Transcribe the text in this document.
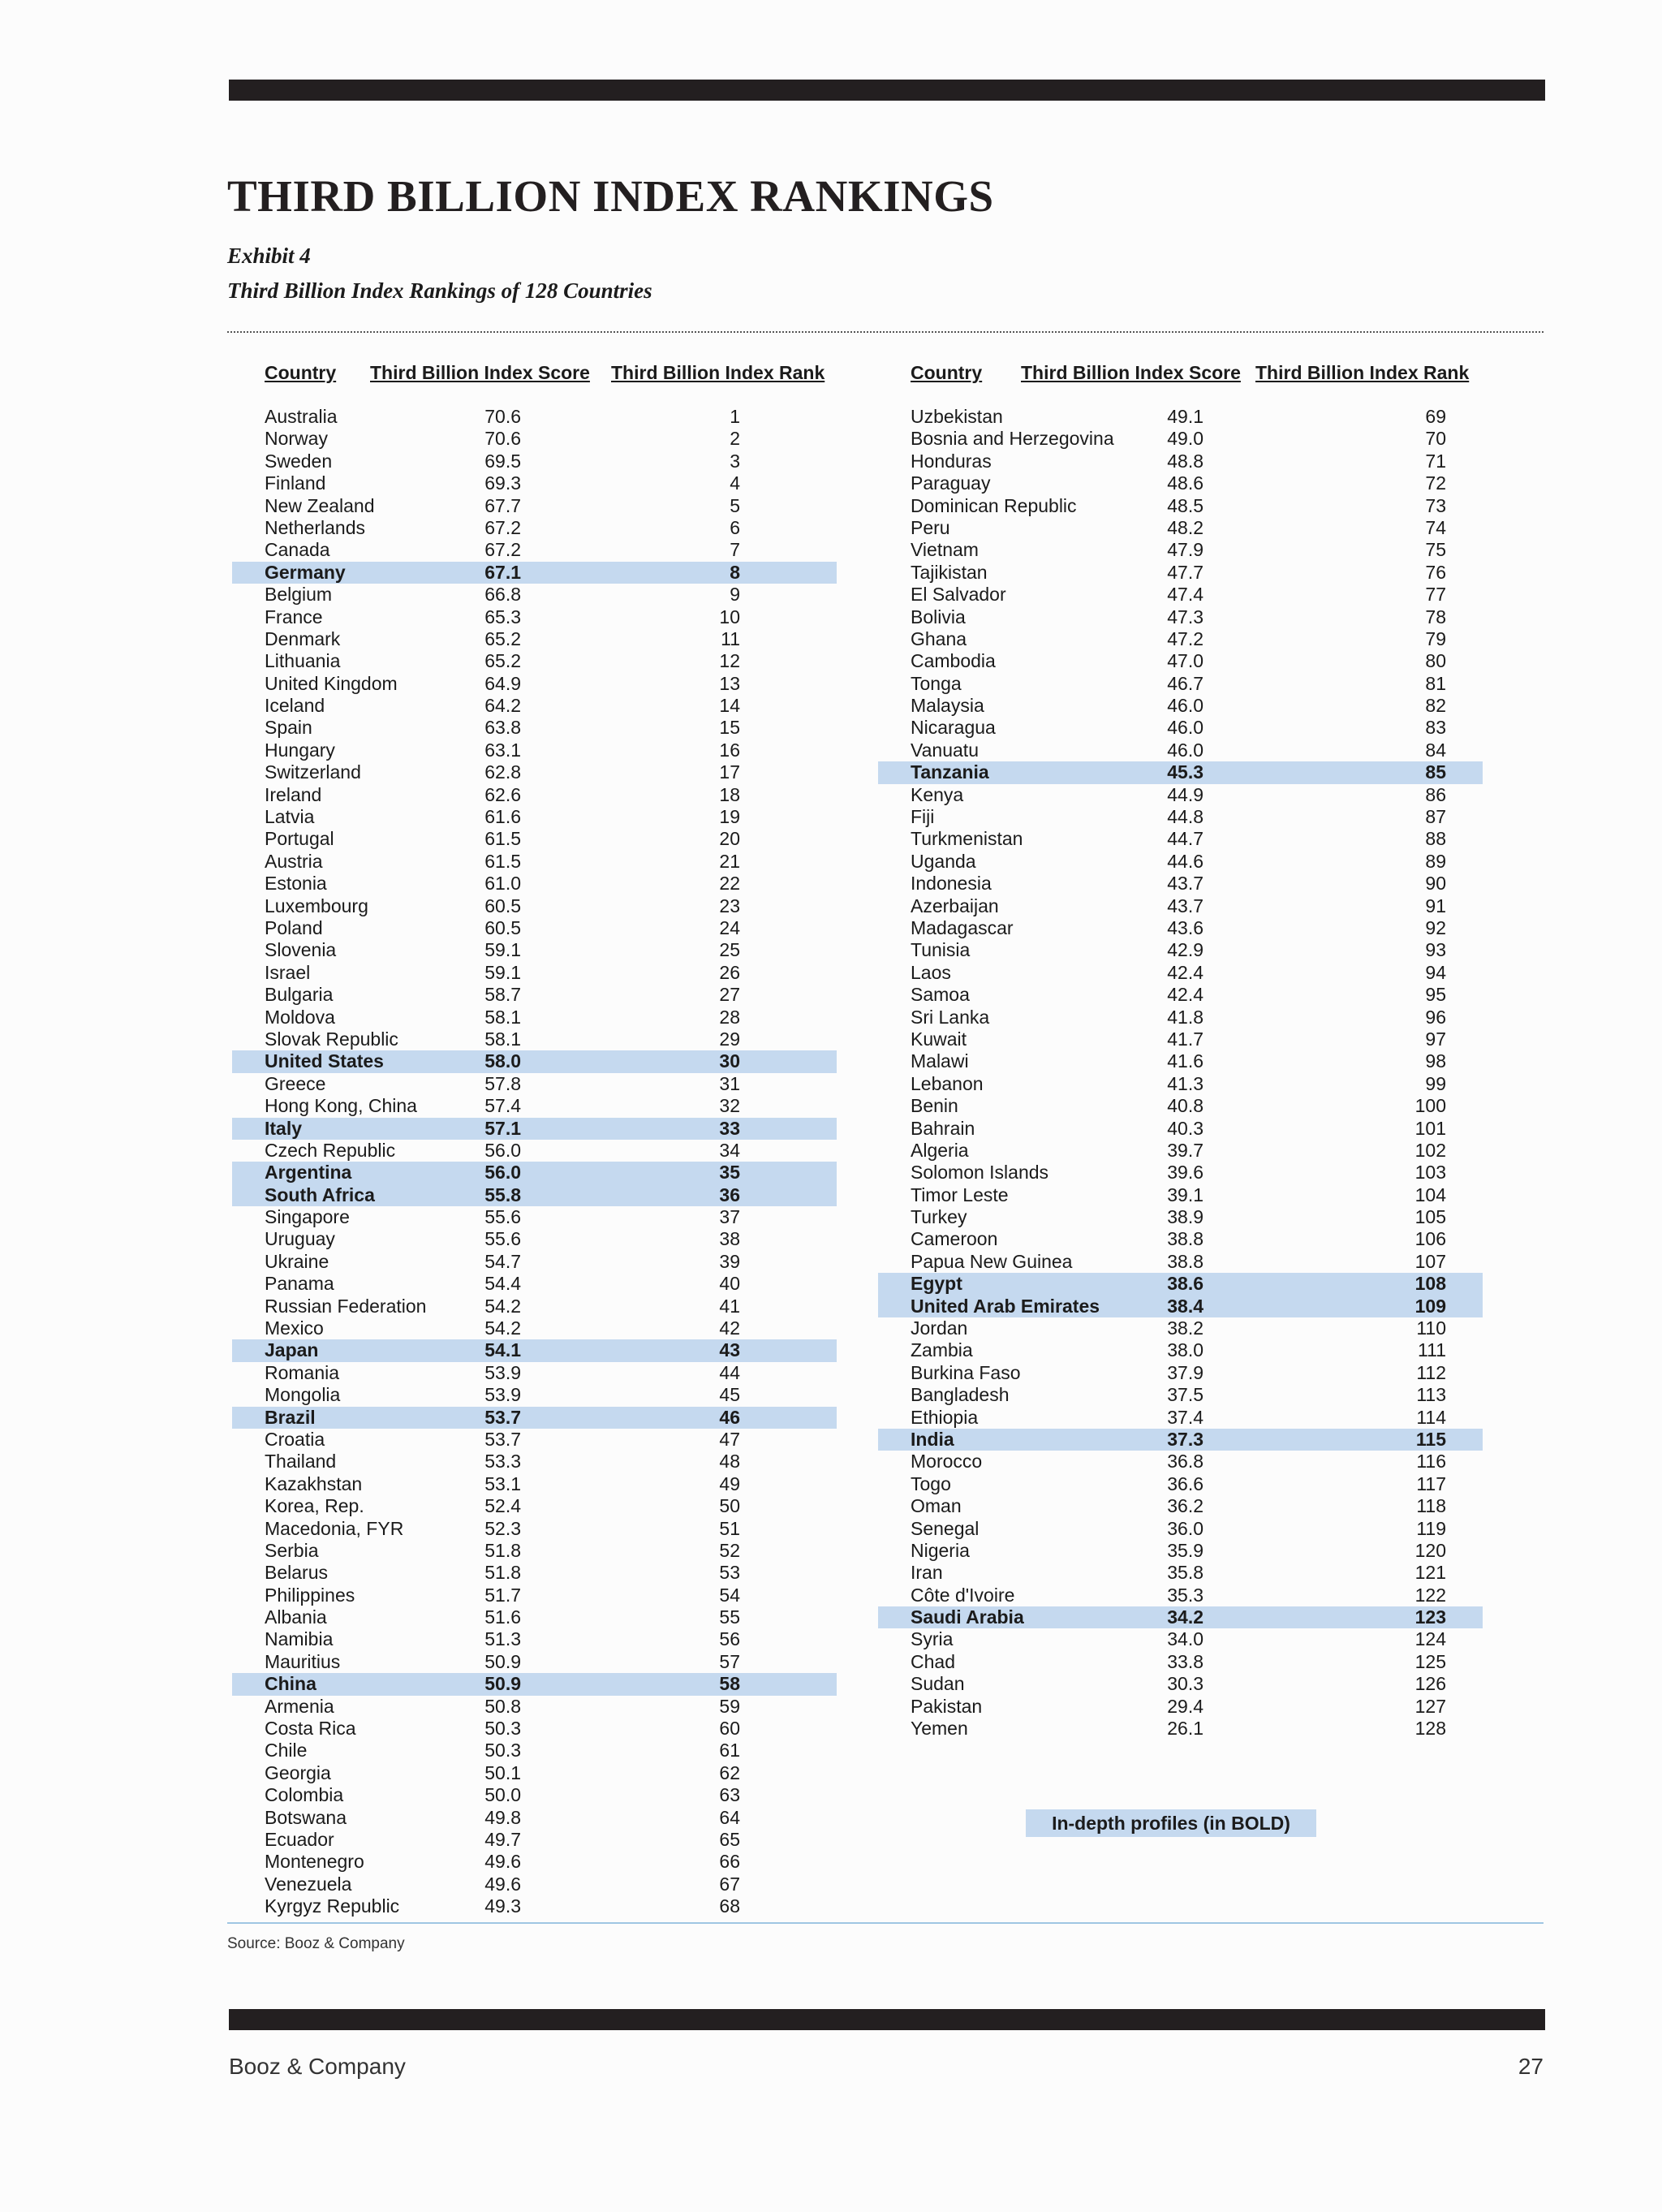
THIRD BILLION INDEX RANKINGS
Exhibit 4
Third Billion Index Rankings of 128 Countries
Country Third Billion Index Score Third Billion Index Rank
Australia	70.6	1
Norway	70.6	2
Sweden	69.5	3
Finland	69.3	4
New Zealand	67.7	5
Netherlands	67.2	6
Canada	67.2	7
Germany	67.1	8
Belgium	66.8	9
France	65.3	10
Denmark	65.2	11
Lithuania	65.2	12
United Kingdom	64.9	13
Iceland	64.2	14
Spain	63.8	15
Hungary	63.1	16
Switzerland	62.8	17
Ireland	62.6	18
Latvia	61.6	19
Portugal	61.5	20
Austria	61.5	21
Estonia	61.0	22
Luxembourg	60.5	23
Poland	60.5	24
Slovenia	59.1	25
Israel	59.1	26
Bulgaria	58.7	27
Moldova	58.1	28
Slovak Republic	58.1	29
United States	58.0	30
Greece	57.8	31
Hong Kong, China	57.4	32
Italy	57.1	33
Czech Republic	56.0	34
Argentina	56.0	35
South Africa	55.8	36
Singapore	55.6	37
Uruguay	55.6	38
Ukraine	54.7	39
Panama	54.4	40
Russian Federation	54.2	41
Mexico	54.2	42
Japan	54.1	43
Romania	53.9	44
Mongolia	53.9	45
Brazil	53.7	46
Croatia	53.7	47
Thailand	53.3	48
Kazakhstan	53.1	49
Korea, Rep.	52.4	50
Macedonia, FYR	52.3	51
Serbia	51.8	52
Belarus	51.8	53
Philippines	51.7	54
Albania	51.6	55
Namibia	51.3	56
Mauritius	50.9	57
China	50.9	58
Armenia	50.8	59
Costa Rica	50.3	60
Chile	50.3	61
Georgia	50.1	62
Colombia	50.0	63
Botswana	49.8	64
Ecuador	49.7	65
Montenegro	49.6	66
Venezuela	49.6	67
Kyrgyz Republic	49.3	68
Country Third Billion Index Score Third Billion Index Rank
Uzbekistan	49.1	69
Bosnia and Herzegovina	49.0	70
Honduras	48.8	71
Paraguay	48.6	72
Dominican Republic	48.5	73
Peru	48.2	74
Vietnam	47.9	75
Tajikistan	47.7	76
El Salvador	47.4	77
Bolivia	47.3	78
Ghana	47.2	79
Cambodia	47.0	80
Tonga	46.7	81
Malaysia	46.0	82
Nicaragua	46.0	83
Vanuatu	46.0	84
Tanzania	45.3	85
Kenya	44.9	86
Fiji	44.8	87
Turkmenistan	44.7	88
Uganda	44.6	89
Indonesia	43.7	90
Azerbaijan	43.7	91
Madagascar	43.6	92
Tunisia	42.9	93
Laos	42.4	94
Samoa	42.4	95
Sri Lanka	41.8	96
Kuwait	41.7	97
Malawi	41.6	98
Lebanon	41.3	99
Benin	40.8	100
Bahrain	40.3	101
Algeria	39.7	102
Solomon Islands	39.6	103
Timor Leste	39.1	104
Turkey	38.9	105
Cameroon	38.8	106
Papua New Guinea	38.8	107
Egypt	38.6	108
United Arab Emirates	38.4	109
Jordan	38.2	110
Zambia	38.0	111
Burkina Faso	37.9	112
Bangladesh	37.5	113
Ethiopia	37.4	114
India	37.3	115
Morocco	36.8	116
Togo	36.6	117
Oman	36.2	118
Senegal	36.0	119
Nigeria	35.9	120
Iran	35.8	121
Côte d'Ivoire	35.3	122
Saudi Arabia	34.2	123
Syria	34.0	124
Chad	33.8	125
Sudan	30.3	126
Pakistan	29.4	127
Yemen	26.1	128
In-depth profiles (in BOLD)
Source: Booz & Company
Booz & Company	27
